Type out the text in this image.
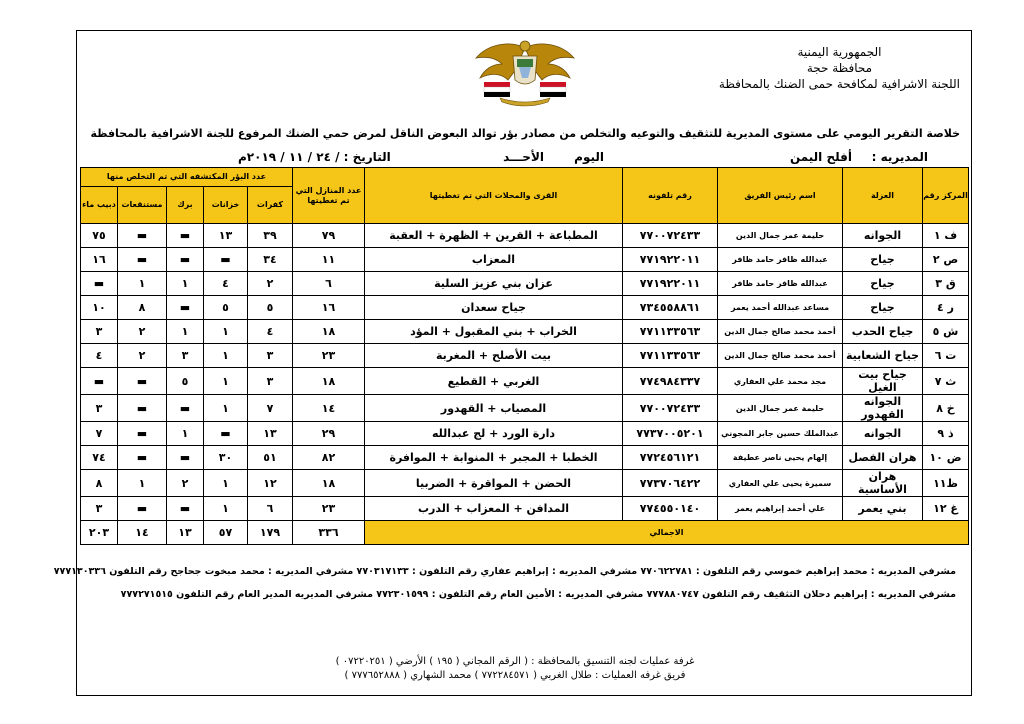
الجمهورية اليمنية
محافظة حجة
اللجنة الاشرافية لمكافحة حمى الضنك بالمحافظة
خلاصة التقرير اليومي على مستوى المديرية للتثقيف والتوعيه والتخلص من مصادر بؤر توالد البعوض الناقل لمرض حمي الضنك المرفوع للجنة الاشرافية بالمحافظة
المديريه :
أفلح اليمن
اليوم
الأحـــد
التاريخ : / ٢٤ / ١١ / ٢٠١٩م
المركز رقم	العزلة	اسم رئيس الفريق	رقم تلفونه	القرى والمحلات التي تم تغطيتها	عدد المنازل التي تم تغطيتها	عدد البؤر المكتشفه التي تم التخلص منها				
						كفرات	خزانات	برك	مستنقعات	دبيب ماء
ف ١	الجوانه	حليمة عمر جمال الدين	٧٧٠٠٧٢٤٣٣	المطباعة + القرين + الظهرة + العقبة	٧٩	٣٩	١٣	▬	▬	٧٥
ص ٢	جياح	عبدالله ظافر حامد ظافر	٧٧١٩٢٢٠١١	المعزاب	١١	٣٤	▬	▬	▬	١٦
ق ٣	جياح	عبدالله ظافر حامد ظافر	٧٧١٩٢٢٠١١	عزان بني عزيز السلية	٦	٢	٤	١	١	▬
ر ٤	جياح	مساعد عبدالله أحمد يعمر	٧٣٤٥٥٨٨٦١	جياح سعدان	١٦	٥	٥	▬	٨	١٠
ش ٥	جياح الحدب	أحمد محمد صالح جمال الدين	٧٧١١٣٣٥٦٣	الخراب + بني المقبول + المؤد	١٨	٤	١	١	٢	٣
ت ٦	جياح الشعابية	أحمد محمد صالح جمال الدين	٧٧١١٣٣٥٦٣	بيت الأصلح + المغربة	٢٣	٣	١	٣	٢	٤
ث ٧	جياح بيت الغيل	مجد محمد علي العفاري	٧٧٤٩٨٤٣٣٧	الغربي + القطيع	١٨	٣	١	٥	▬	▬
خ ٨	الجوانه القهدور	حليمة عمر جمال الدين	٧٧٠٠٧٢٤٣٣	المصياب + القهدور	١٤	٧	١	▬	▬	٣
ذ ٩	الجوانه	عبدالملك حسين جابر المجوني	٧٧٣٧٠٠٥٢٠١	دارة الورد + لج عبدالله	٢٩	١٣	▬	١	▬	٧
ض ١٠	هران الفصل	إلهام يحيى ناصر عطيفة	٧٧٢٤٥٦١٢١	الخطبا + المجبر + المنوابة + الموافرة	٨٢	٥١	٣٠	▬	▬	٧٤
ظ١١	هران الأساسية	سميرة يحيى علي العفاري	٧٧٣٧٠٦٤٢٢	الحضن + المواقرة + الضربيا	١٨	١٢	١	٢	١	٨
غ ١٢	بني يعمر	علي أحمد إبراهيم يعمر	٧٧٤٥٥٠١٤٠	المدافن + المعزاب + الدرب	٢٣	٦	١	▬	▬	٣
الاجمالي					٣٣٦	١٧٩	٥٧	١٣	١٤	٢٠٣
مشرفي المديريه : محمد إبراهيم خموسي رقم التلفون : ٧٧٠٦٢٢٧٨١ مشرفي المديريه : إبراهيم عفاري رقم التلفون : ٧٧٠٣١٧١٣٣ مشرفي المديريه : محمد مبخوت جحاجح رقم التلفون ٧٧٧١٣٠٣٣٦
مشرفي المديريه : إبراهيم دحلان التثقيف رقم التلفون ٧٧٧٨٨٠٧٤٧ مشرفي المديريه : الأمين العام رقم التلفون : ٧٧٢٣٠١٥٩٩ مشرفي المديريه المدير العام رقم التلفون ٧٧٧٢٧١٥١٥
غرفة عمليات لجنه التنسيق بالمحافظة : ( الرقم المجاني ( ١٩٥ ) الأرضي ( ٠٧٢٢٠٢٥١ )
فريق غرفه العمليات : طلال الغربي ( ٧٧٢٢٨٤٥٧١ ) محمد الشهاري ( ٧٧٧٦٥٢٨٨٨ )
